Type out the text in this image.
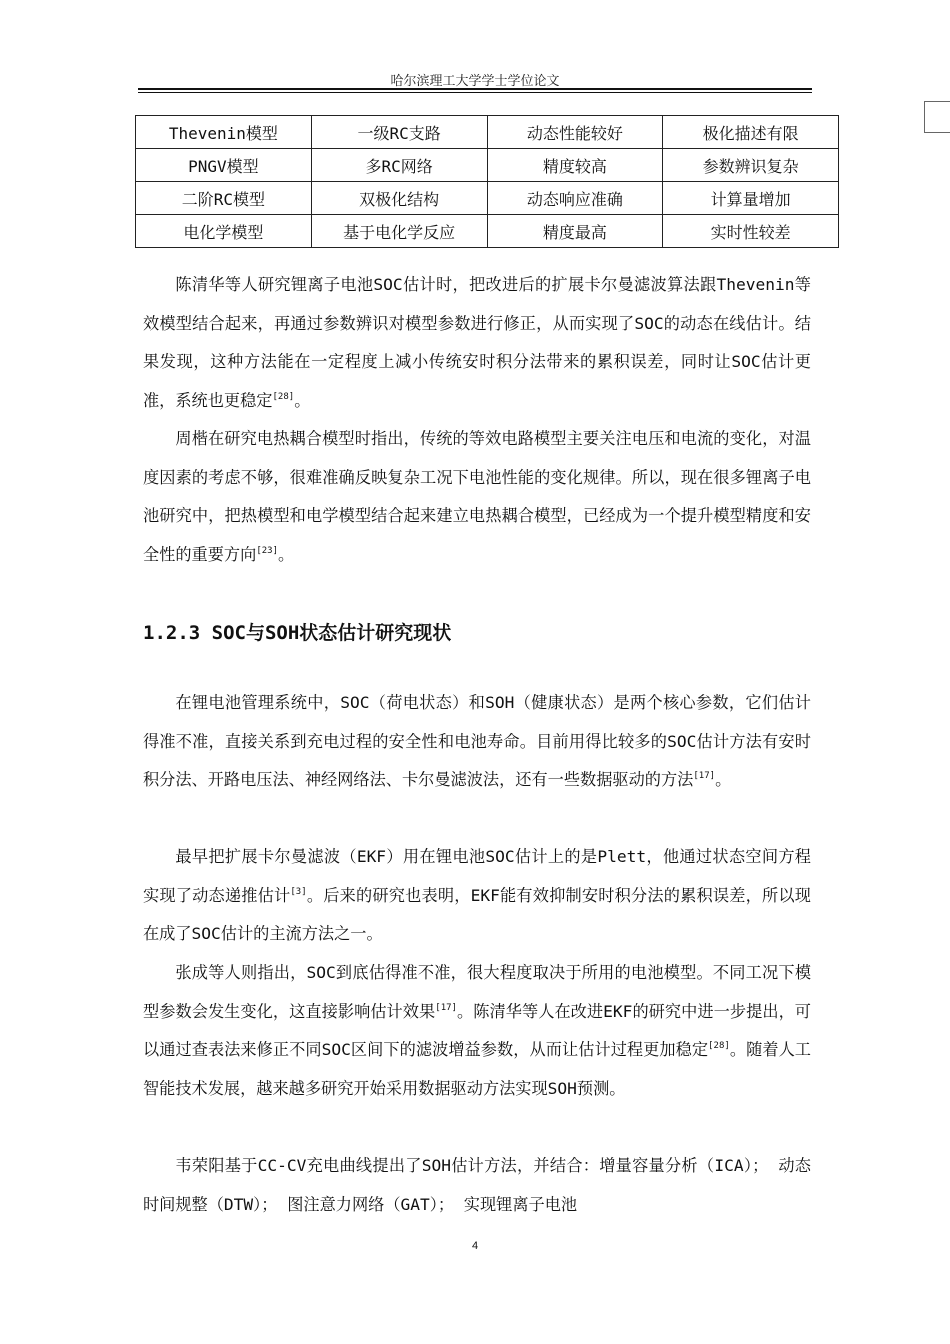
哈尔滨理工大学学士学位论文
Thevenin模型	一级RC支路	动态性能较好	极化描述有限
PNGV模型	多RC网络	精度较高	参数辨识复杂
二阶RC模型	双极化结构	动态响应准确	计算量增加
电化学模型	基于电化学反应	精度最高	实时性较差

陈清华等人研究锂离子电池SOC估计时，把改进后的扩展卡尔曼滤波算法跟Thevenin等效模型结合起来，再通过参数辨识对模型参数进行修正，从而实现了SOC的动态在线估计。结果发现，这种方法能在一定程度上减小传统安时积分法带来的累积误差，同时让SOC估计更准，系统也更稳定[28]。

周楷在研究电热耦合模型时指出，传统的等效电路模型主要关注电压和电流的变化，对温度因素的考虑不够，很难准确反映复杂工况下电池性能的变化规律。所以，现在很多锂离子电池研究中，把热模型和电学模型结合起来建立电热耦合模型，已经成为一个提升模型精度和安全性的重要方向[23]。

1.2.3 SOC与SOH状态估计研究现状

在锂电池管理系统中，SOC（荷电状态）和SOH（健康状态）是两个核心参数，它们估计得准不准，直接关系到充电过程的安全性和电池寿命。目前用得比较多的SOC估计方法有安时积分法、开路电压法、神经网络法、卡尔曼滤波法，还有一些数据驱动的方法[17]。

最早把扩展卡尔曼滤波（EKF）用在锂电池SOC估计上的是Plett，他通过状态空间方程实现了动态递推估计[3]。后来的研究也表明，EKF能有效抑制安时积分法的累积误差，所以现在成了SOC估计的主流方法之一。

张成等人则指出，SOC到底估得准不准，很大程度取决于所用的电池模型。不同工况下模型参数会发生变化，这直接影响估计效果[17]。陈清华等人在改进EKF的研究中进一步提出，可以通过查表法来修正不同SOC区间下的滤波增益参数，从而让估计过程更加稳定[28]。随着人工智能技术发展，越来越多研究开始采用数据驱动方法实现SOH预测。

韦荣阳基于CC-CV充电曲线提出了SOH估计方法，并结合：增量容量分析（ICA）； 动态时间规整（DTW）； 图注意力网络（GAT）； 实现锂离子电池

4
